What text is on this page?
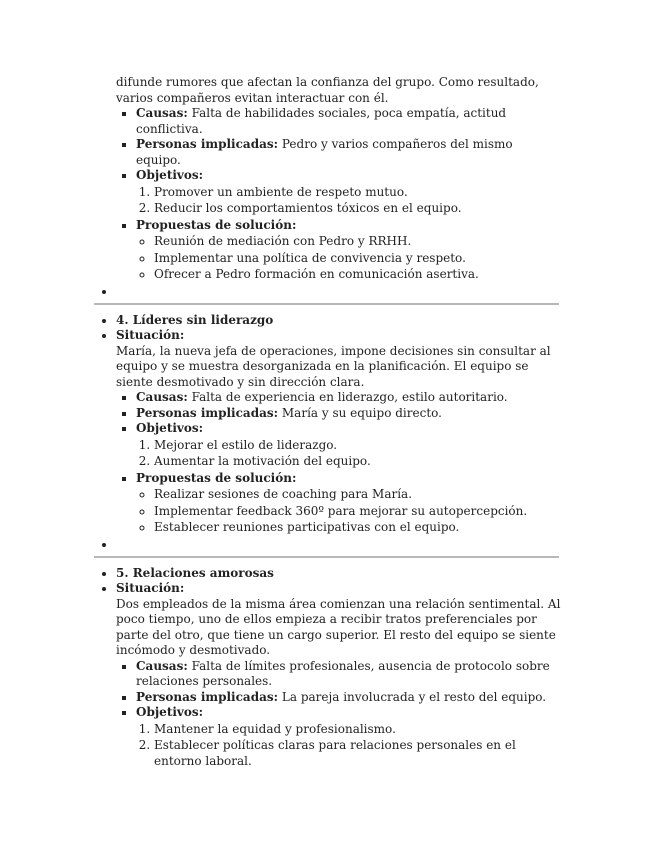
difunde rumores que afectan la confianza del grupo. Como resultado, varios compañeros evitan interactuar con él.
▪ Causas: Falta de habilidades sociales, poca empatía, actitud conflictiva.
▪ Personas implicadas: Pedro y varios compañeros del mismo equipo.
▪ Objetivos:
1. Promover un ambiente de respeto mutuo.
2. Reducir los comportamientos tóxicos en el equipo.
▪ Propuestas de solución:
◦ Reunión de mediación con Pedro y RRHH.
◦ Implementar una política de convivencia y respeto.
◦ Ofrecer a Pedro formación en comunicación asertiva.
•
• 4. Líderes sin liderazgo
• Situación:
María, la nueva jefa de operaciones, impone decisiones sin consultar al equipo y se muestra desorganizada en la planificación. El equipo se siente desmotivado y sin dirección clara.
▪ Causas: Falta de experiencia en liderazgo, estilo autoritario.
▪ Personas implicadas: María y su equipo directo.
▪ Objetivos:
1. Mejorar el estilo de liderazgo.
2. Aumentar la motivación del equipo.
▪ Propuestas de solución:
◦ Realizar sesiones de coaching para María.
◦ Implementar feedback 360º para mejorar su autopercepción.
◦ Establecer reuniones participativas con el equipo.
•
• 5. Relaciones amorosas
• Situación:
Dos empleados de la misma área comienzan una relación sentimental. Al poco tiempo, uno de ellos empieza a recibir tratos preferenciales por parte del otro, que tiene un cargo superior. El resto del equipo se siente incómodo y desmotivado.
▪ Causas: Falta de límites profesionales, ausencia de protocolo sobre relaciones personales.
▪ Personas implicadas: La pareja involucrada y el resto del equipo.
▪ Objetivos:
1. Mantener la equidad y profesionalismo.
2. Establecer políticas claras para relaciones personales en el entorno laboral.
